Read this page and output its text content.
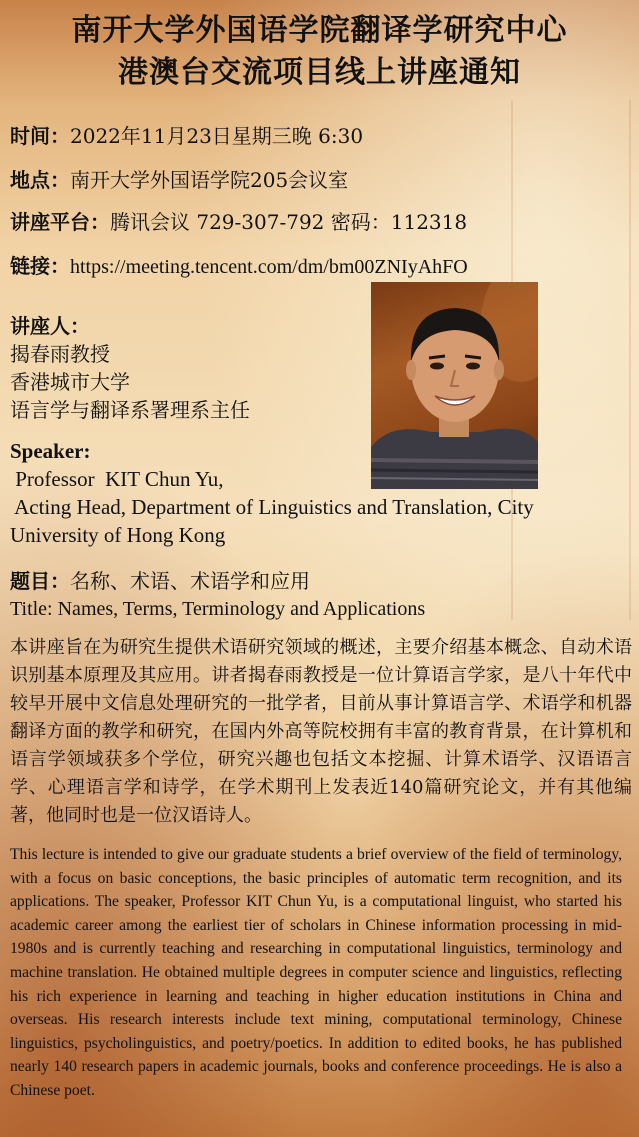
南开大学外国语学院翻译学研究中心
港澳台交流项目线上讲座通知
时间：2022年11月23日星期三晚 6:30
地点：南开大学外国语学院205会议室
讲座平台：腾讯会议 729-307-792 密码：112318
链接：https://meeting.tencent.com/dm/bm00ZNIyAhFO
讲座人：
揭春雨教授
香港城市大学
语言学与翻译系署理系主任
Speaker:
Professor  KIT Chun Yu,
Acting Head, Department of Linguistics and Translation, City
University of Hong Kong
题目：名称、术语、术语学和应用
Title: Names, Terms, Terminology and Applications
本讲座旨在为研究生提供术语研究领域的概述，主要介绍基本概念、自动术语识别基本原理及其应用。讲者揭春雨教授是一位计算语言学家，是八十年代中较早开展中文信息处理研究的一批学者，目前从事计算语言学、术语学和机器翻译方面的教学和研究，在国内外高等院校拥有丰富的教育背景，在计算机和语言学领域获多个学位，研究兴趣也包括文本挖掘、计算术语学、汉语语言学、心理语言学和诗学，在学术期刊上发表近140篇研究论文，并有其他编著，他同时也是一位汉语诗人。
This lecture is intended to give our graduate students a brief overview of the field of terminology, with a focus on basic conceptions, the basic principles of automatic term recognition, and its applications. The speaker, Professor KIT Chun Yu, is a computational linguist, who started his academic career among the earliest tier of scholars in Chinese information processing in mid-1980s and is currently teaching and researching in computational linguistics, terminology and machine translation. He obtained multiple degrees in computer science and linguistics, reflecting his rich experience in learning and teaching in higher education institutions in China and overseas. His research interests include text mining, computational terminology, Chinese linguistics, psycholinguistics, and poetry/poetics. In addition to edited books, he has published nearly 140 research papers in academic journals, books and conference proceedings. He is also a Chinese poet.
